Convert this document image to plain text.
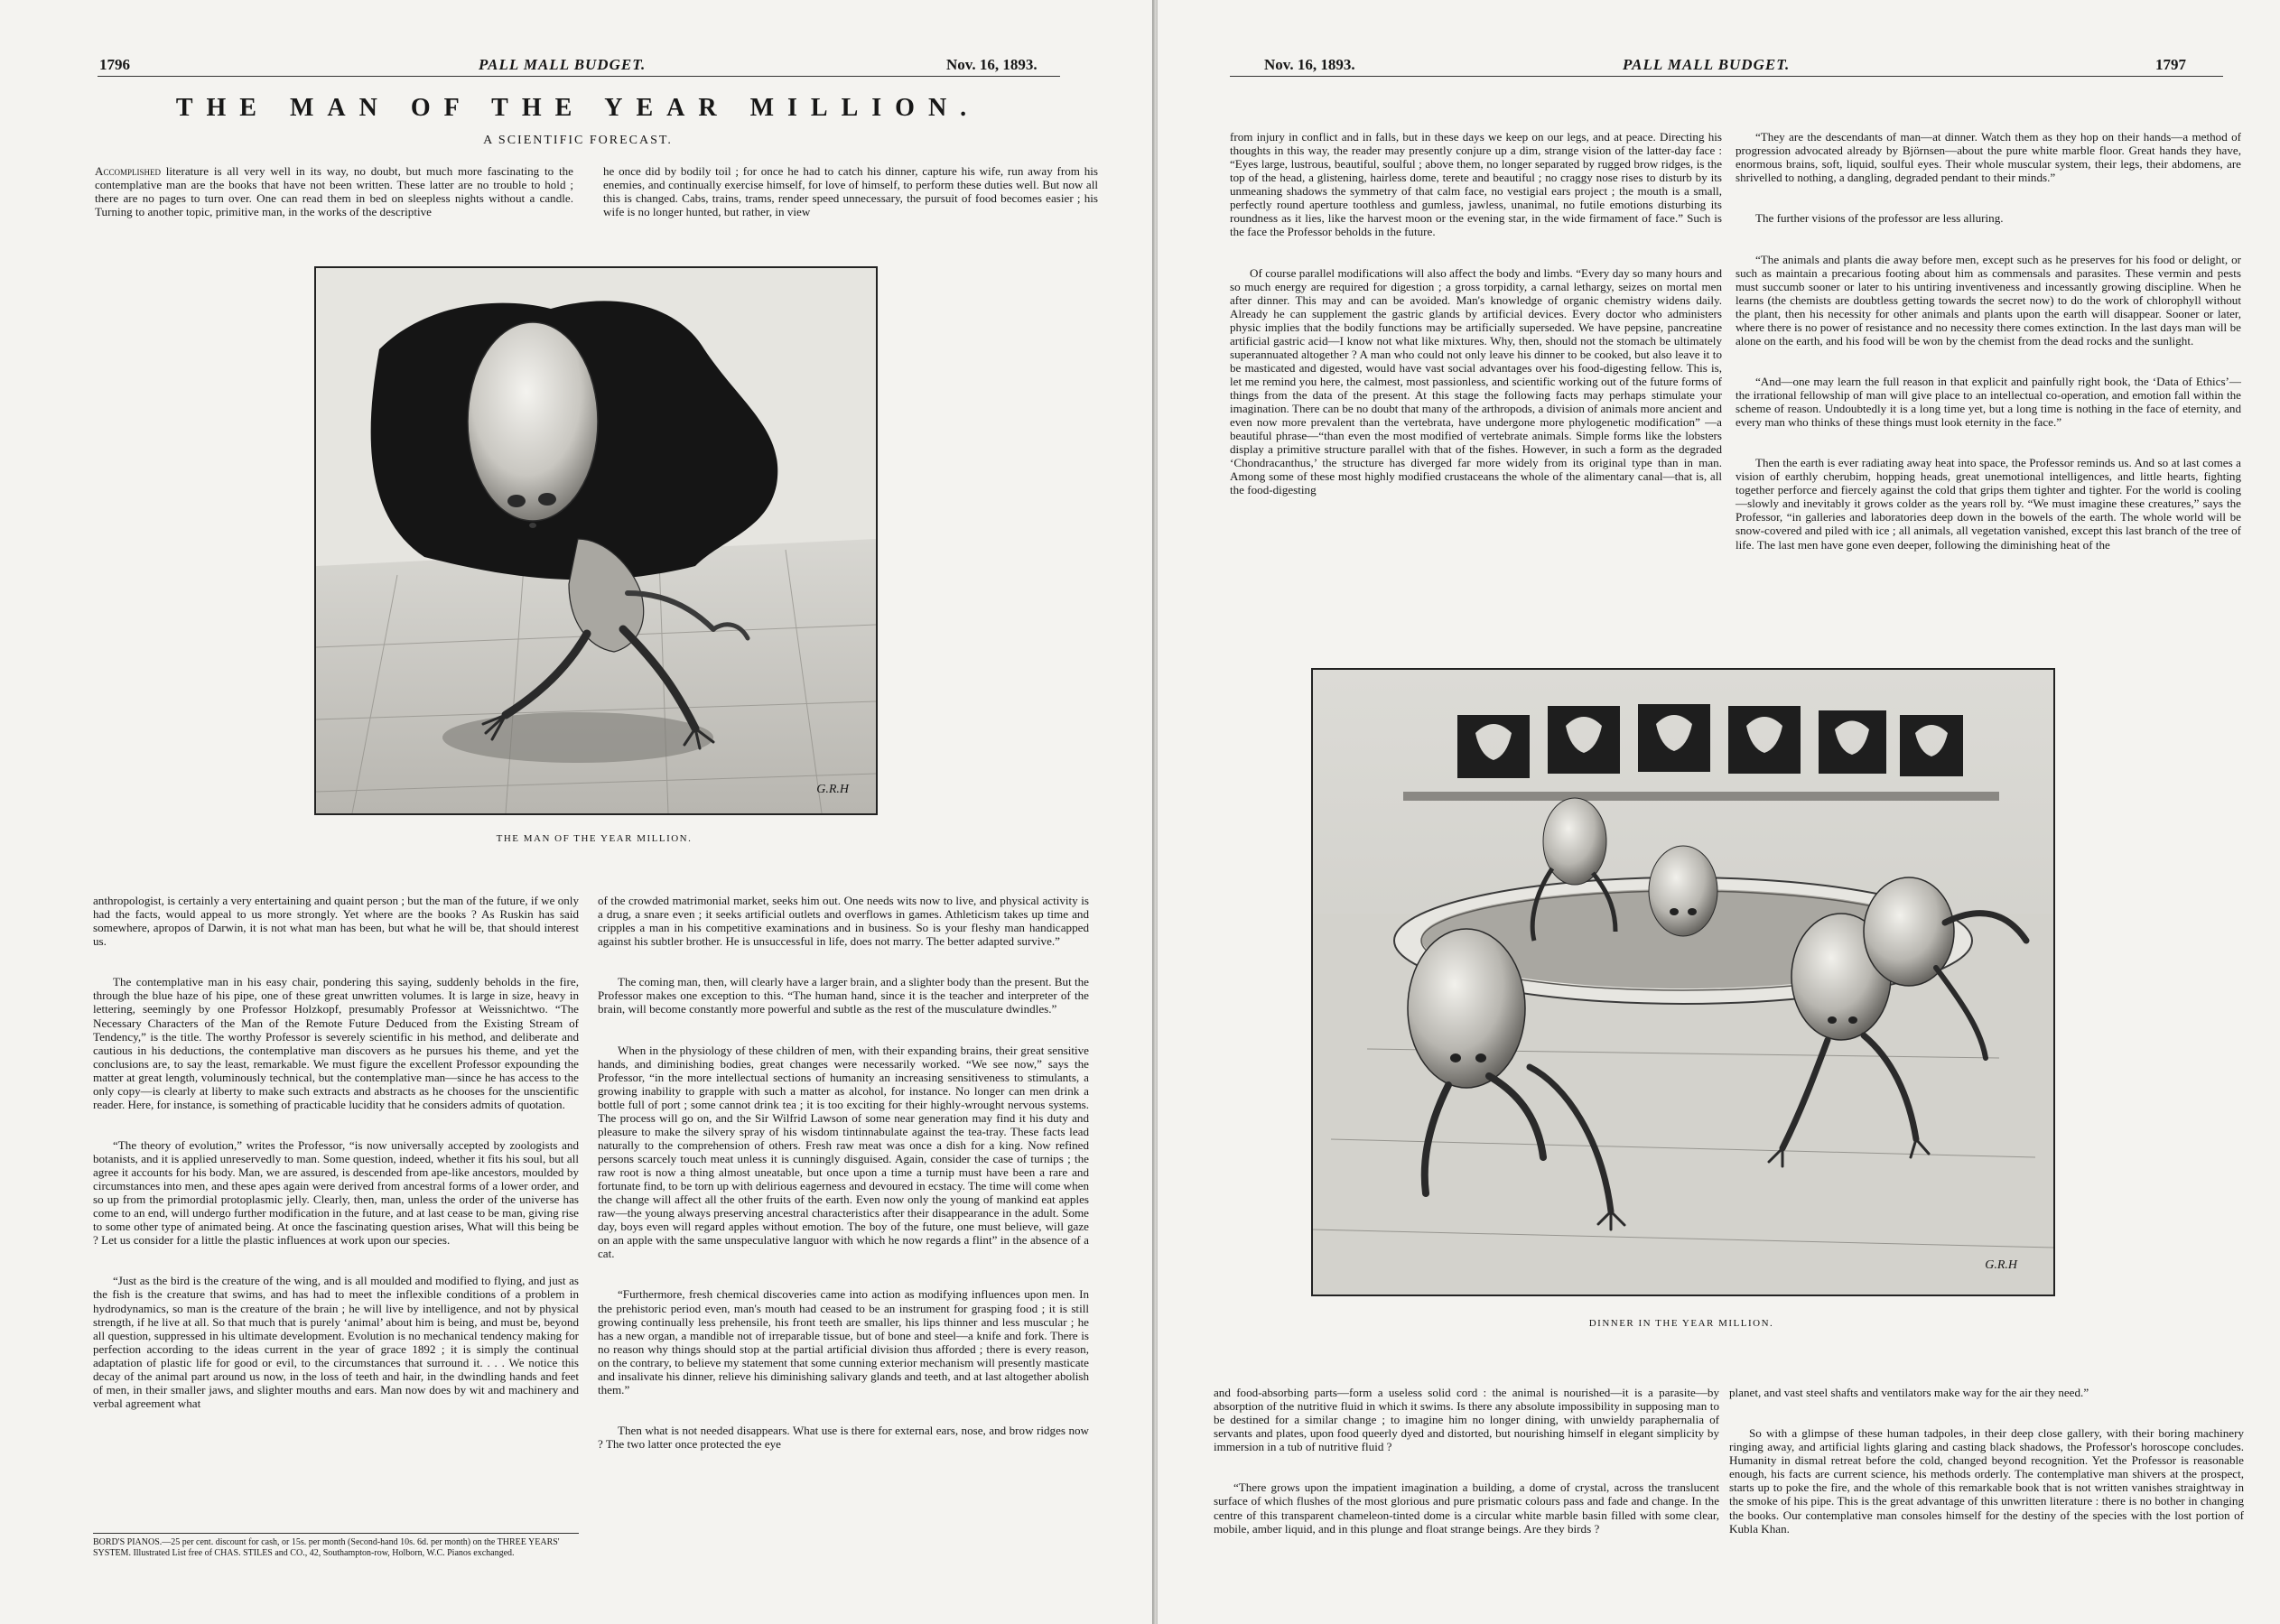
1796	PALL MALL BUDGET.	Nov. 16, 1893.
THE MAN OF THE YEAR MILLION.
A SCIENTIFIC FORECAST.
Accomplished literature is all very well in its way, no doubt, but much more fascinating to the contemplative man are the books that have not been written. These latter are no trouble to hold ; there are no pages to turn over. One can read them in bed on sleepless nights without a candle. Turning to another topic, primitive man, in the works of the descriptive
he once did by bodily toil ; for once he had to catch his dinner, capture his wife, run away from his enemies, and continually exercise himself, for love of himself, to perform these duties well. But now all this is changed. Cabs, trains, trams, render speed unnecessary, the pursuit of food becomes easier ; his wife is no longer hunted, but rather, in view
G.R.H
THE MAN OF THE YEAR MILLION.

anthropologist, is certainly a very entertaining and quaint person ; but the man of the future, if we only had the facts, would appeal to us more strongly. Yet where are the books ? As Ruskin has said somewhere, apropos of Darwin, it is not what man has been, but what he will be, that should interest us.

The contemplative man in his easy chair, pondering this saying, suddenly beholds in the fire, through the blue haze of his pipe, one of these great unwritten volumes. It is large in size, heavy in lettering, seemingly by one Professor Holzkopf, presumably Professor at Weissnichtwo. “The Necessary Characters of the Man of the Remote Future Deduced from the Existing Stream of Tendency,” is the title. The worthy Professor is severely scientific in his method, and deliberate and cautious in his deductions, the contemplative man discovers as he pursues his theme, and yet the conclusions are, to say the least, remarkable. We must figure the excellent Professor expounding the matter at great length, voluminously technical, but the contemplative man—since he has access to the only copy—is clearly at liberty to make such extracts and abstracts as he chooses for the unscientific reader. Here, for instance, is something of practicable lucidity that he considers admits of quotation.

“The theory of evolution,” writes the Professor, “is now universally accepted by zoologists and botanists, and it is applied unreservedly to man. Some question, indeed, whether it fits his soul, but all agree it accounts for his body. Man, we are assured, is descended from ape-like ancestors, moulded by circumstances into men, and these apes again were derived from ancestral forms of a lower order, and so up from the primordial protoplasmic jelly. Clearly, then, man, unless the order of the universe has come to an end, will undergo further modification in the future, and at last cease to be man, giving rise to some other type of animated being. At once the fascinating question arises, What will this being be ? Let us consider for a little the plastic influences at work upon our species.

“Just as the bird is the creature of the wing, and is all moulded and modified to flying, and just as the fish is the creature that swims, and has had to meet the inflexible conditions of a problem in hydrodynamics, so man is the creature of the brain ; he will live by intelligence, and not by physical strength, if he live at all. So that much that is purely ‘animal’ about him is being, and must be, beyond all question, suppressed in his ultimate development. Evolution is no mechanical tendency making for perfection according to the ideas current in the year of grace 1892 ; it is simply the continual adaptation of plastic life for good or evil, to the circumstances that surround it. . . . We notice this decay of the animal part around us now, in the loss of teeth and hair, in the dwindling hands and feet of men, in their smaller jaws, and slighter mouths and ears. Man now does by wit and machinery and verbal agreement what

BORD'S PIANOS.—25 per cent. discount for cash, or 15s. per month (Second-hand 10s. 6d. per month) on the THREE YEARS' SYSTEM. Illustrated List free of CHAS. STILES and CO., 42, Southampton-row, Holborn, W.C. Pianos exchanged.

of the crowded matrimonial market, seeks him out. One needs wits now to live, and physical activity is a drug, a snare even ; it seeks artificial outlets and overflows in games. Athleticism takes up time and cripples a man in his competitive examinations and in business. So is your fleshy man handicapped against his subtler brother. He is unsuccessful in life, does not marry. The better adapted survive.”

The coming man, then, will clearly have a larger brain, and a slighter body than the present. But the Professor makes one exception to this. “The human hand, since it is the teacher and interpreter of the brain, will become constantly more powerful and subtle as the rest of the musculature dwindles.”

When in the physiology of these children of men, with their expanding brains, their great sensitive hands, and diminishing bodies, great changes were necessarily worked. “We see now,” says the Professor, “in the more intellectual sections of humanity an increasing sensitiveness to stimulants, a growing inability to grapple with such a matter as alcohol, for instance. No longer can men drink a bottle full of port ; some cannot drink tea ; it is too exciting for their highly-wrought nervous systems. The process will go on, and the Sir Wilfrid Lawson of some near generation may find it his duty and pleasure to make the silvery spray of his wisdom tintinnabulate against the tea-tray. These facts lead naturally to the comprehension of others. Fresh raw meat was once a dish for a king. Now refined persons scarcely touch meat unless it is cunningly disguised. Again, consider the case of turnips ; the raw root is now a thing almost uneatable, but once upon a time a turnip must have been a rare and fortunate find, to be torn up with delirious eagerness and devoured in ecstacy. The time will come when the change will affect all the other fruits of the earth. Even now only the young of mankind eat apples raw—the young always preserving ancestral characteristics after their disappearance in the adult. Some day, boys even will regard apples without emotion. The boy of the future, one must believe, will gaze on an apple with the same unspeculative languor with which he now regards a flint” in the absence of a cat.

“Furthermore, fresh chemical discoveries came into action as modifying influences upon men. In the prehistoric period even, man's mouth had ceased to be an instrument for grasping food ; it is still growing continually less prehensile, his front teeth are smaller, his lips thinner and less muscular ; he has a new organ, a mandible not of irreparable tissue, but of bone and steel—a knife and fork. There is no reason why things should stop at the partial artificial division thus afforded ; there is every reason, on the contrary, to believe my statement that some cunning exterior mechanism will presently masticate and insalivate his dinner, relieve his diminishing salivary glands and teeth, and at last altogether abolish them.”

Then what is not needed disappears. What use is there for external ears, nose, and brow ridges now ? The two latter once protected the eye

Nov. 16, 1893.	PALL MALL BUDGET.	1797

from injury in conflict and in falls, but in these days we keep on our legs, and at peace. Directing his thoughts in this way, the reader may presently conjure up a dim, strange vision of the latter-day face : “Eyes large, lustrous, beautiful, soulful ; above them, no longer separated by rugged brow ridges, is the top of the head, a glistening, hairless dome, terete and beautiful ; no craggy nose rises to disturb by its unmeaning shadows the symmetry of that calm face, no vestigial ears project ; the mouth is a small, perfectly round aperture toothless and gumless, jawless, unanimal, no futile emotions disturbing its roundness as it lies, like the harvest moon or the evening star, in the wide firmament of face.” Such is the face the Professor beholds in the future.

Of course parallel modifications will also affect the body and limbs. “Every day so many hours and so much energy are required for digestion ; a gross torpidity, a carnal lethargy, seizes on mortal men after dinner. This may and can be avoided. Man's knowledge of organic chemistry widens daily. Already he can supplement the gastric glands by artificial devices. Every doctor who administers physic implies that the bodily functions may be artificially superseded. We have pepsine, pancreatine artificial gastric acid—I know not what like mixtures. Why, then, should not the stomach be ultimately superannuated altogether ? A man who could not only leave his dinner to be cooked, but also leave it to be masticated and digested, would have vast social advantages over his food-digesting fellow. This is, let me remind you here, the calmest, most passionless, and scientific working out of the future forms of things from the data of the present. At this stage the following facts may perhaps stimulate your imagination. There can be no doubt that many of the arthropods, a division of animals more ancient and even now more prevalent than the vertebrata, have undergone more phylogenetic modification” —a beautiful phrase—“than even the most modified of vertebrate animals. Simple forms like the lobsters display a primitive structure parallel with that of the fishes. However, in such a form as the degraded ‘Chondracanthus,’ the structure has diverged far more widely from its original type than in man. Among some of these most highly modified crustaceans the whole of the alimentary canal—that is, all the food-digesting

“They are the descendants of man—at dinner. Watch them as they hop on their hands—a method of progression advocated already by Björnsen—about the pure white marble floor. Great hands they have, enormous brains, soft, liquid, soulful eyes. Their whole muscular system, their legs, their abdomens, are shrivelled to nothing, a dangling, degraded pendant to their minds.”

The further visions of the professor are less alluring.

“The animals and plants die away before men, except such as he preserves for his food or delight, or such as maintain a precarious footing about him as commensals and parasites. These vermin and pests must succumb sooner or later to his untiring inventiveness and incessantly growing discipline. When he learns (the chemists are doubtless getting towards the secret now) to do the work of chlorophyll without the plant, then his necessity for other animals and plants upon the earth will disappear. Sooner or later, where there is no power of resistance and no necessity there comes extinction. In the last days man will be alone on the earth, and his food will be won by the chemist from the dead rocks and the sunlight.

“And—one may learn the full reason in that explicit and painfully right book, the ‘Data of Ethics’—the irrational fellowship of man will give place to an intellectual co-operation, and emotion fall within the scheme of reason. Undoubtedly it is a long time yet, but a long time is nothing in the face of eternity, and every man who thinks of these things must look eternity in the face.”

Then the earth is ever radiating away heat into space, the Professor reminds us. And so at last comes a vision of earthly cherubim, hopping heads, great unemotional intelligences, and little hearts, fighting together perforce and fiercely against the cold that grips them tighter and tighter. For the world is cooling—slowly and inevitably it grows colder as the years roll by. “We must imagine these creatures,” says the Professor, “in galleries and laboratories deep down in the bowels of the earth. The whole world will be snow-covered and piled with ice ; all animals, all vegetation vanished, except this last branch of the tree of life. The last men have gone even deeper, following the diminishing heat of the

G.R.H
DINNER IN THE YEAR MILLION.

and food-absorbing parts—form a useless solid cord : the animal is nourished—it is a parasite—by absorption of the nutritive fluid in which it swims. Is there any absolute impossibility in supposing man to be destined for a similar change ; to imagine him no longer dining, with unwieldy paraphernalia of servants and plates, upon food queerly dyed and distorted, but nourishing himself in elegant simplicity by immersion in a tub of nutritive fluid ?

“There grows upon the impatient imagination a building, a dome of crystal, across the translucent surface of which flushes of the most glorious and pure prismatic colours pass and fade and change. In the centre of this transparent chameleon-tinted dome is a circular white marble basin filled with some clear, mobile, amber liquid, and in this plunge and float strange beings. Are they birds ?

planet, and vast steel shafts and ventilators make way for the air they need.”

So with a glimpse of these human tadpoles, in their deep close gallery, with their boring machinery ringing away, and artificial lights glaring and casting black shadows, the Professor's horoscope concludes. Humanity in dismal retreat before the cold, changed beyond recognition. Yet the Professor is reasonable enough, his facts are current science, his methods orderly. The contemplative man shivers at the prospect, starts up to poke the fire, and the whole of this remarkable book that is not written vanishes straightway in the smoke of his pipe. This is the great advantage of this unwritten literature : there is no bother in changing the books. Our contemplative man consoles himself for the destiny of the species with the lost portion of Kubla Khan.
